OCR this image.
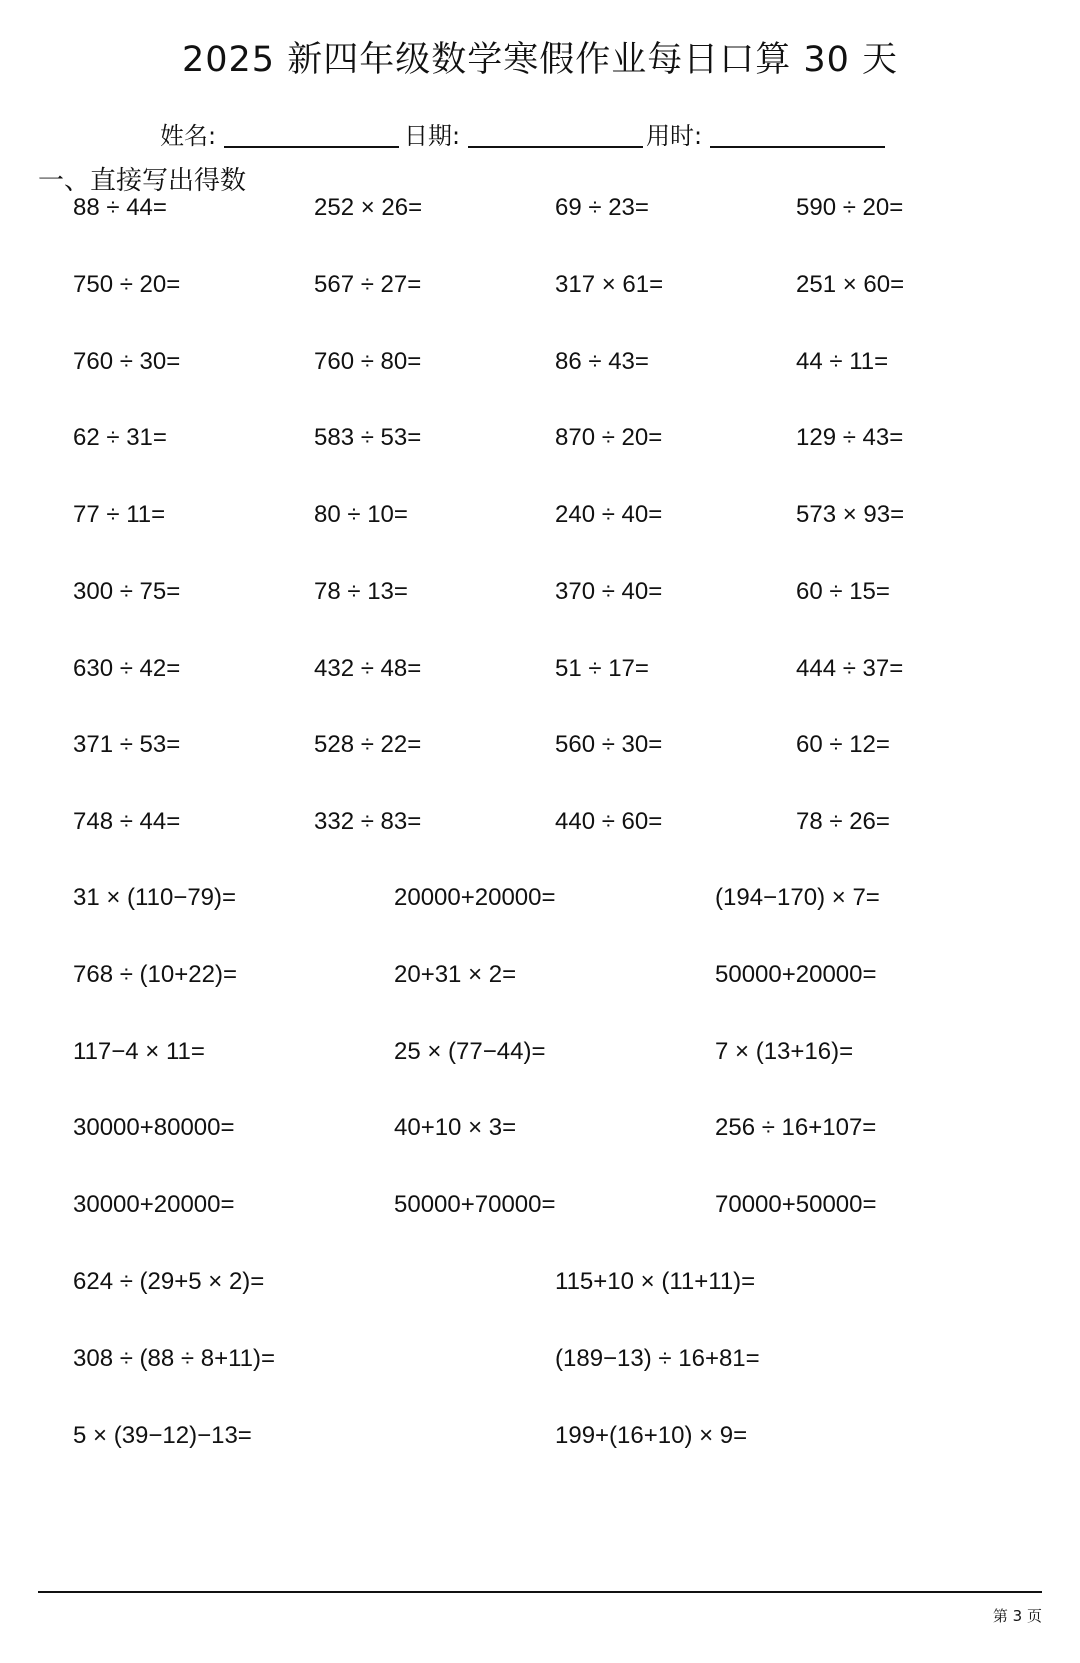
2025 新四年级数学寒假作业每日口算 30 天
姓名:	日期:	用时:
一、直接写出得数
88 ÷ 44=	252 × 26=	69 ÷ 23=	590 ÷ 20=
750 ÷ 20=	567 ÷ 27=	317 × 61=	251 × 60=
760 ÷ 30=	760 ÷ 80=	86 ÷ 43=	44 ÷ 11=
62 ÷ 31=	583 ÷ 53=	870 ÷ 20=	129 ÷ 43=
77 ÷ 11=	80 ÷ 10=	240 ÷ 40=	573 × 93=
300 ÷ 75=	78 ÷ 13=	370 ÷ 40=	60 ÷ 15=
630 ÷ 42=	432 ÷ 48=	51 ÷ 17=	444 ÷ 37=
371 ÷ 53=	528 ÷ 22=	560 ÷ 30=	60 ÷ 12=
748 ÷ 44=	332 ÷ 83=	440 ÷ 60=	78 ÷ 26=
31 × (110−79)=	20000+20000=	(194−170) × 7=
768 ÷ (10+22)=	20+31 × 2=	50000+20000=
117−4 × 11=	25 × (77−44)=	7 × (13+16)=
30000+80000=	40+10 × 3=	256 ÷ 16+107=
30000+20000=	50000+70000=	70000+50000=
624 ÷ (29+5 × 2)=	115+10 × (11+11)=
308 ÷ (88 ÷ 8+11)=	(189−13) ÷ 16+81=
5 × (39−12)−13=	199+(16+10) × 9=
第 3 页
